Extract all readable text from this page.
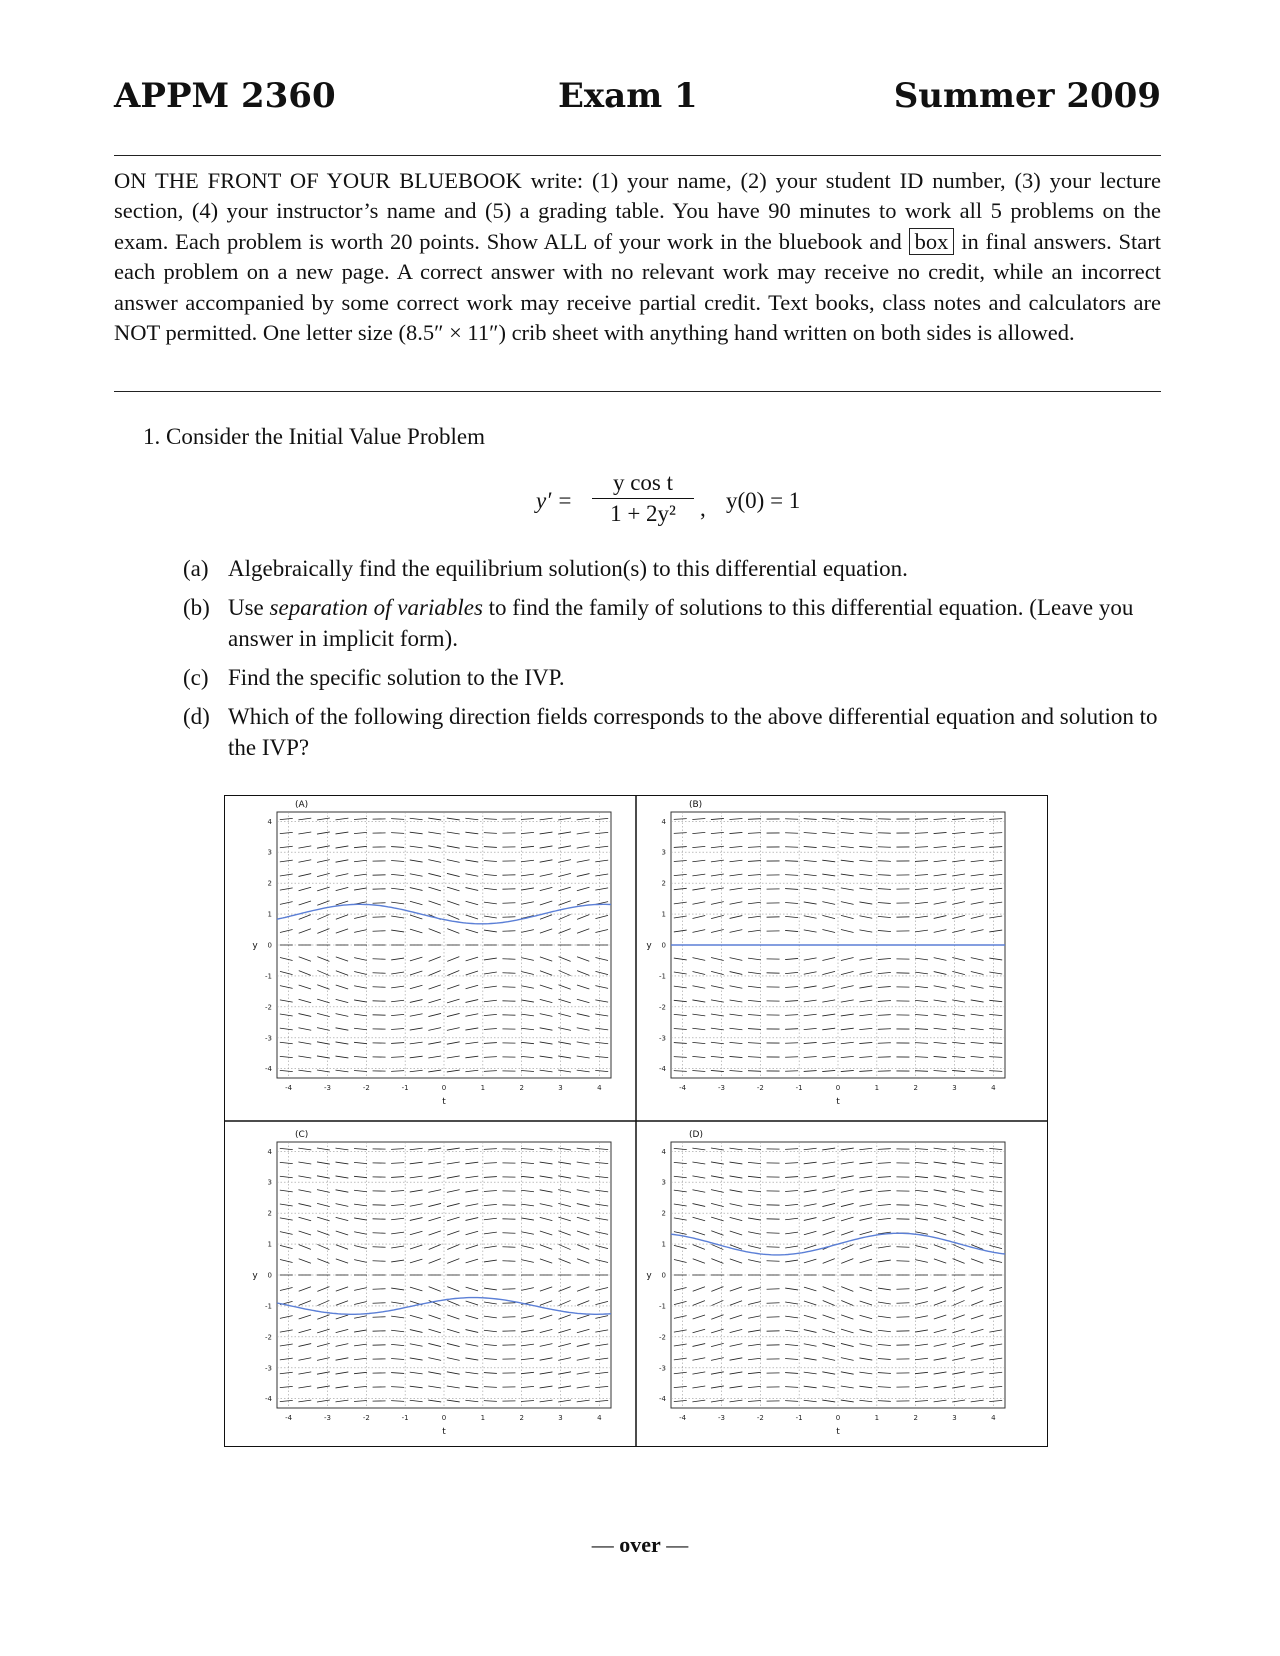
APPM 2360	Exam 1	Summer 2009
ON THE FRONT OF YOUR BLUEBOOK write: (1) your name, (2) your student ID number, (3) your lecture section, (4) your instructor’s name and (5) a grading table. You have 90 minutes to work all 5 problems on the exam. Each problem is worth 20 points. Show ALL of your work in the bluebook and box in final answers. Start each problem on a new page. A correct answer with no relevant work may receive no credit, while an incorrect answer accompanied by some correct work may receive partial credit. Text books, class notes and calculators are NOT permitted. One letter size (8.5″ × 11″) crib sheet with anything hand written on both sides is allowed.
1. Consider the Initial Value Problem
y′ =
y cos t
1 + 2y²	, y(0) = 1
(a) Algebraically find the equilibrium solution(s) to this differential equation.
(b) Use separation of variables to find the family of solutions to this differential equation. (Leave you answer in implicit form).
(c) Find the specific solution to the IVP.
(d) Which of the following direction fields corresponds to the above differential equation and solution to the IVP?
-4	-3	-2	-1	0	1	2	3	4
-4
-3
-2
-1
0
1
2
3
4
(A)
t
y
-4	-3	-2	-1	0	1	2	3	4
-4
-3
-2
-1
0
1
2
3
4
(B)
t
y
-4	-3	-2	-1	0	1	2	3	4
-4
-3
-2
-1
0
1
2
3
4
(C)
t
y
-4	-3	-2	-1	0	1	2	3	4
-4
-3
-2
-1
0
1
2
3
4
(D)
t
y
— over —
